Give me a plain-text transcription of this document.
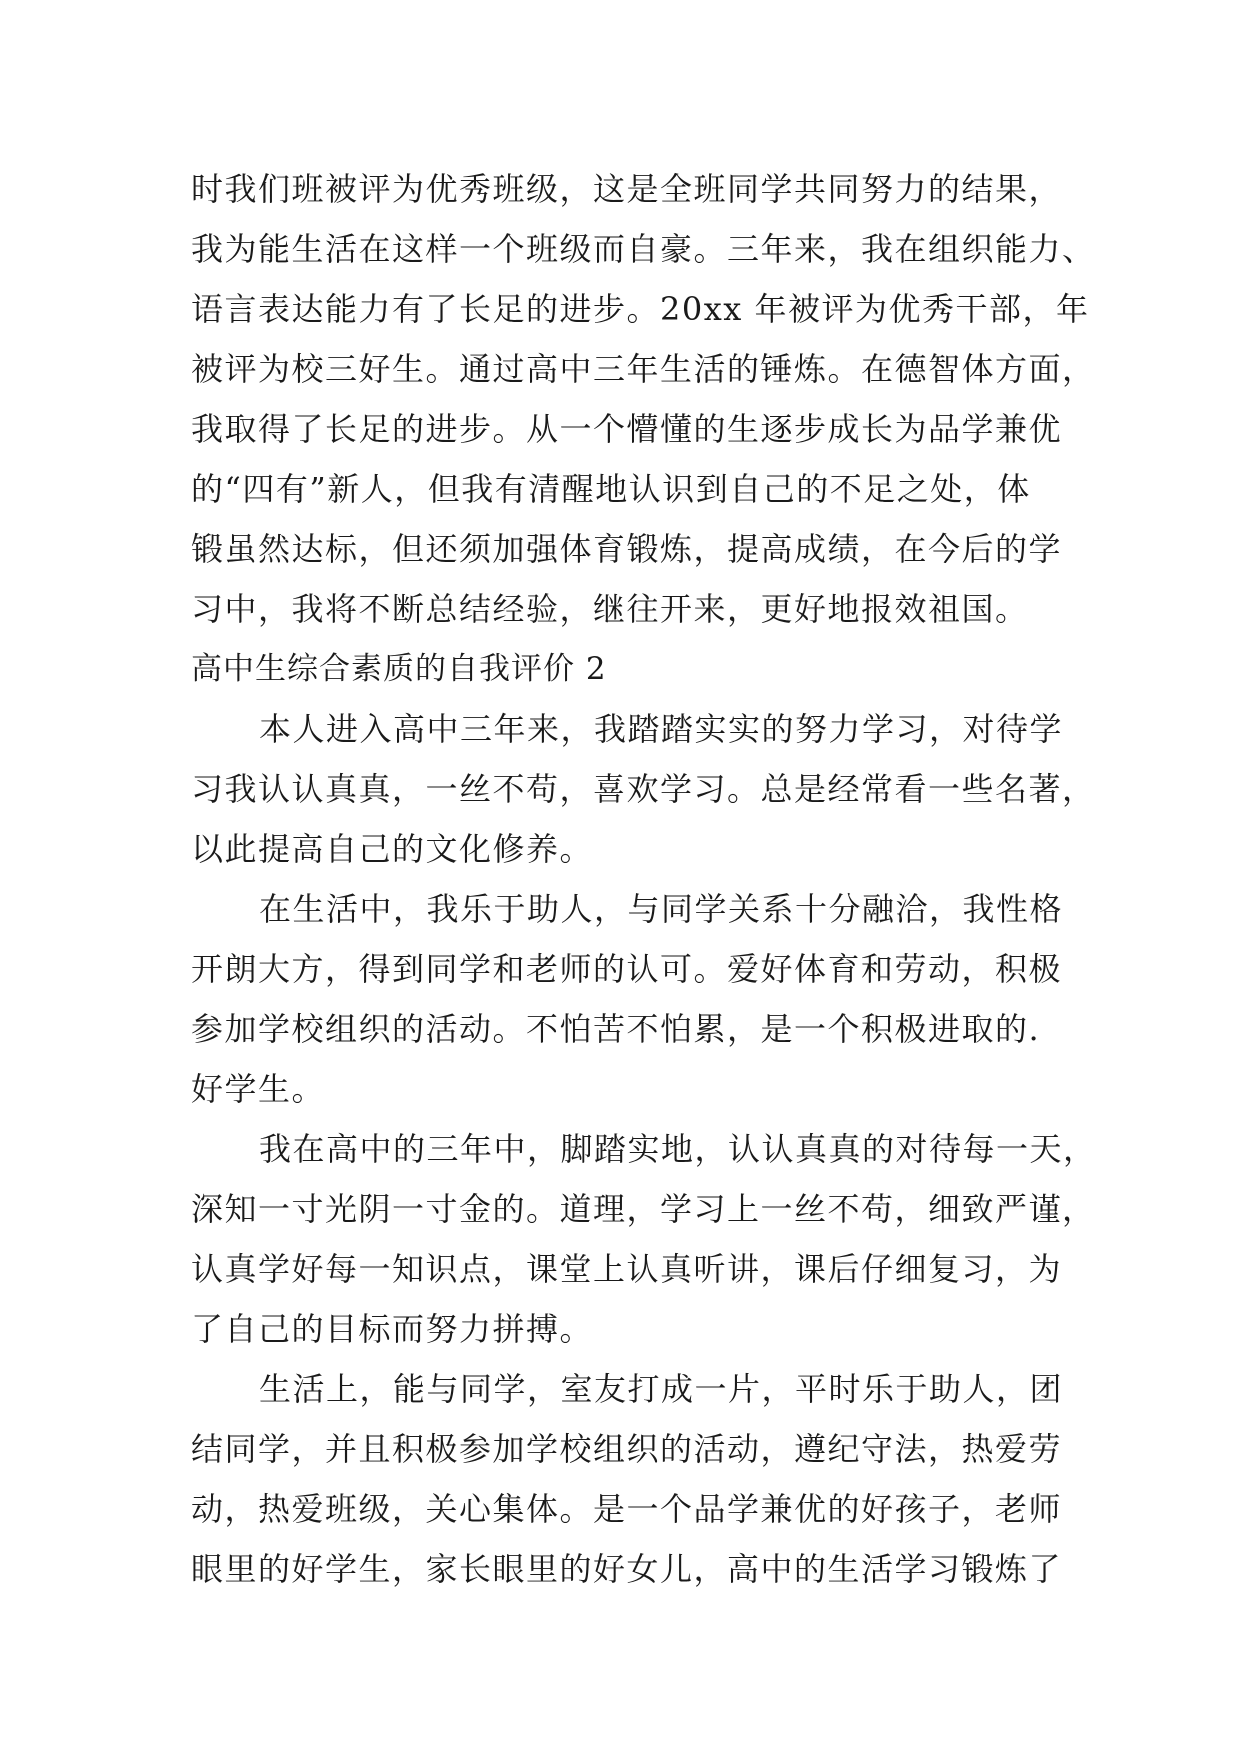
时我们班被评为优秀班级，这是全班同学共同努力的结果，
我为能生活在这样一个班级而自豪。三年来，我在组织能力、
语言表达能力有了长足的进步。20xx 年被评为优秀干部，年
被评为校三好生。通过高中三年生活的锤炼。在德智体方面，
我取得了长足的进步。从一个懵懂的生逐步成长为品学兼优
的“四有”新人，但我有清醒地认识到自己的不足之处，体
锻虽然达标，但还须加强体育锻炼，提高成绩，在今后的学
习中，我将不断总结经验，继往开来，更好地报效祖国。
高中生综合素质的自我评价 2
本人进入高中三年来，我踏踏实实的努力学习，对待学
习我认认真真，一丝不苟，喜欢学习。总是经常看一些名著，
以此提高自己的文化修养。
在生活中，我乐于助人，与同学关系十分融洽，我性格
开朗大方，得到同学和老师的认可。爱好体育和劳动，积极
参加学校组织的活动。不怕苦不怕累，是一个积极进取的.
好学生。
我在高中的三年中，脚踏实地，认认真真的对待每一天，
深知一寸光阴一寸金的。道理，学习上一丝不苟，细致严谨，
认真学好每一知识点，课堂上认真听讲，课后仔细复习，为
了自己的目标而努力拼搏。
生活上，能与同学，室友打成一片，平时乐于助人，团
结同学，并且积极参加学校组织的活动，遵纪守法，热爱劳
动，热爱班级，关心集体。是一个品学兼优的好孩子，老师
眼里的好学生，家长眼里的好女儿，高中的生活学习锻炼了
